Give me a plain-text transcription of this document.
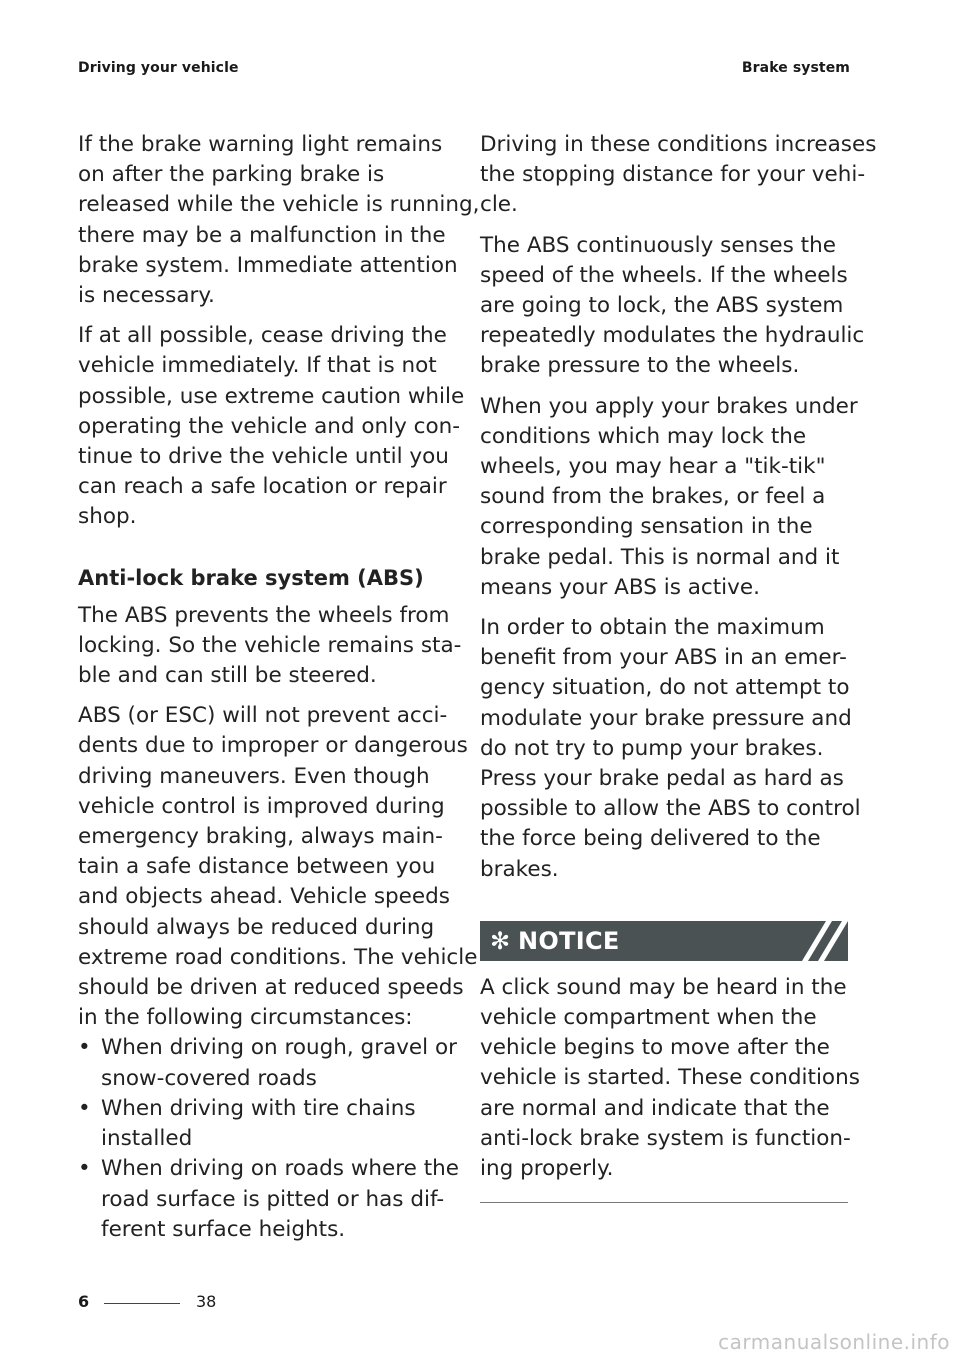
Driving your vehicle	Brake system

If the brake warning light remains
on after the parking brake is
released while the vehicle is running,
there may be a malfunction in the
brake system. Immediate attention
is necessary.

If at all possible, cease driving the
vehicle immediately. If that is not
possible, use extreme caution while
operating the vehicle and only con-
tinue to drive the vehicle until you
can reach a safe location or repair
shop.

Anti-lock brake system (ABS)

The ABS prevents the wheels from
locking. So the vehicle remains sta-
ble and can still be steered.

ABS (or ESC) will not prevent acci-
dents due to improper or dangerous
driving maneuvers. Even though
vehicle control is improved during
emergency braking, always main-
tain a safe distance between you
and objects ahead. Vehicle speeds
should always be reduced during
extreme road conditions. The vehicle
should be driven at reduced speeds
in the following circumstances:

• When driving on rough, gravel or
snow-covered roads
• When driving with tire chains
installed
• When driving on roads where the
road surface is pitted or has dif-
ferent surface heights.

Driving in these conditions increases
the stopping distance for your vehi-
cle.

The ABS continuously senses the
speed of the wheels. If the wheels
are going to lock, the ABS system
repeatedly modulates the hydraulic
brake pressure to the wheels.

When you apply your brakes under
conditions which may lock the
wheels, you may hear a "tik-tik"
sound from the brakes, or feel a
corresponding sensation in the
brake pedal. This is normal and it
means your ABS is active.

In order to obtain the maximum
benefit from your ABS in an emer-
gency situation, do not attempt to
modulate your brake pressure and
do not try to pump your brakes.
Press your brake pedal as hard as
possible to allow the ABS to control
the force being delivered to the
brakes.

✻ NOTICE

A click sound may be heard in the
vehicle compartment when the
vehicle begins to move after the
vehicle is started. These conditions
are normal and indicate that the
anti-lock brake system is function-
ing properly.

6	38
carmanualsonline.info
